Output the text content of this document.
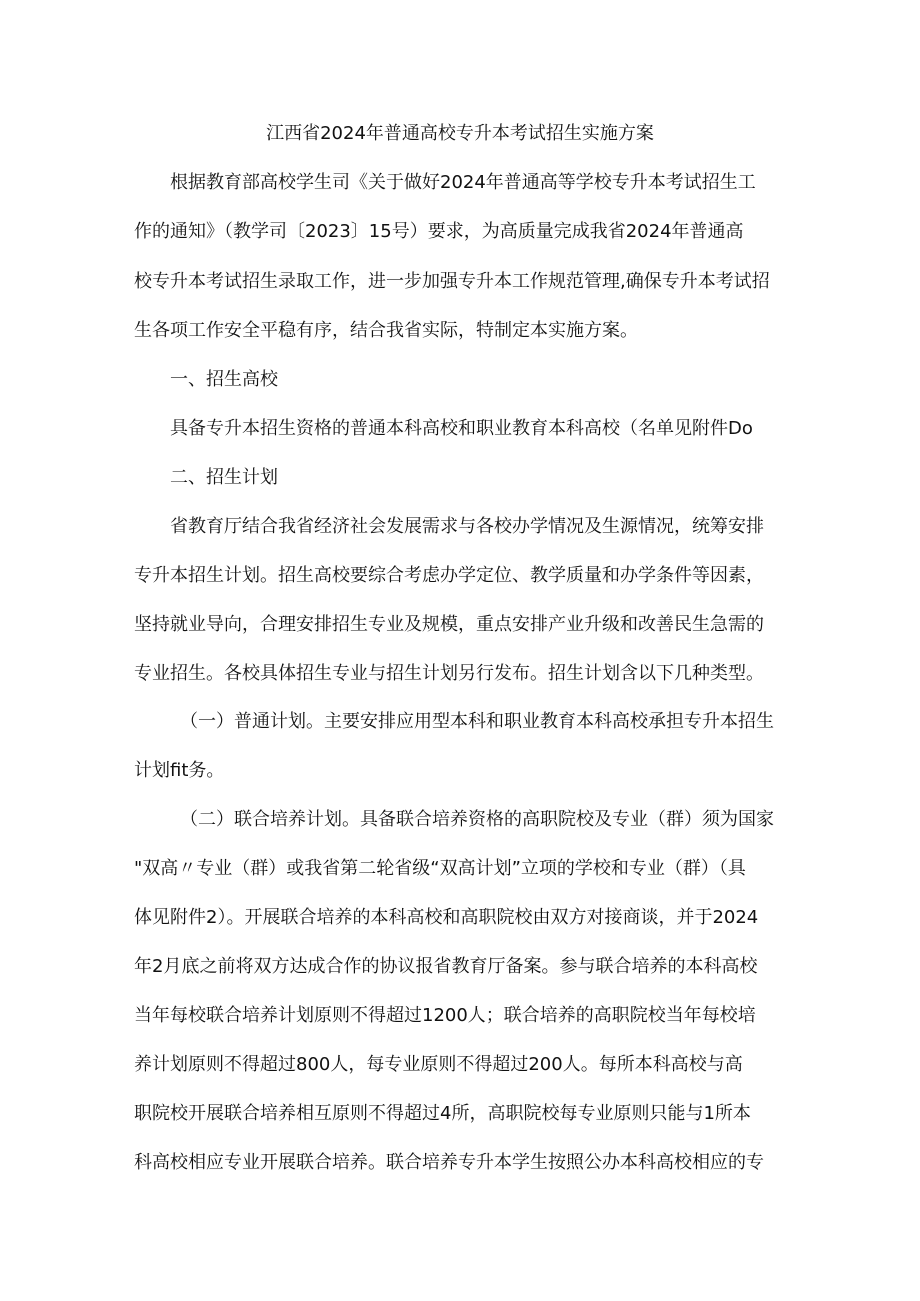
江西省2024年普通高校专升本考试招生实施方案

根据教育部高校学生司《关于做好2024年普通高等学校专升本考试招生工

作的通知》（教学司〔2023〕15号）要求，为高质量完成我省2024年普通高

校专升本考试招生录取工作，进一步加强专升本工作规范管理,确保专升本考试招

生各项工作安全平稳有序，结合我省实际，特制定本实施方案。

一、招生高校

具备专升本招生资格的普通本科高校和职业教育本科高校（名单见附件Do

二、招生计划

省教育厅结合我省经济社会发展需求与各校办学情况及生源情况，统筹安排

专升本招生计划。招生高校要综合考虑办学定位、教学质量和办学条件等因素，

坚持就业导向，合理安排招生专业及规模，重点安排产业升级和改善民生急需的

专业招生。各校具体招生专业与招生计划另行发布。招生计划含以下几种类型。

（一）普通计划。主要安排应用型本科和职业教育本科高校承担专升本招生

计划fit务。

（二）联合培养计划。具备联合培养资格的高职院校及专业（群）须为国家

"双高〃专业（群）或我省第二轮省级“双高计划”立项的学校和专业（群）（具

体见附件2）。开展联合培养的本科高校和高职院校由双方对接商谈，并于2024

年2月底之前将双方达成合作的协议报省教育厅备案。参与联合培养的本科高校

当年每校联合培养计划原则不得超过1200人；联合培养的高职院校当年每校培

养计划原则不得超过800人，每专业原则不得超过200人。每所本科高校与高

职院校开展联合培养相互原则不得超过4所，高职院校每专业原则只能与1所本

科高校相应专业开展联合培养。联合培养专升本学生按照公办本科高校相应的专
